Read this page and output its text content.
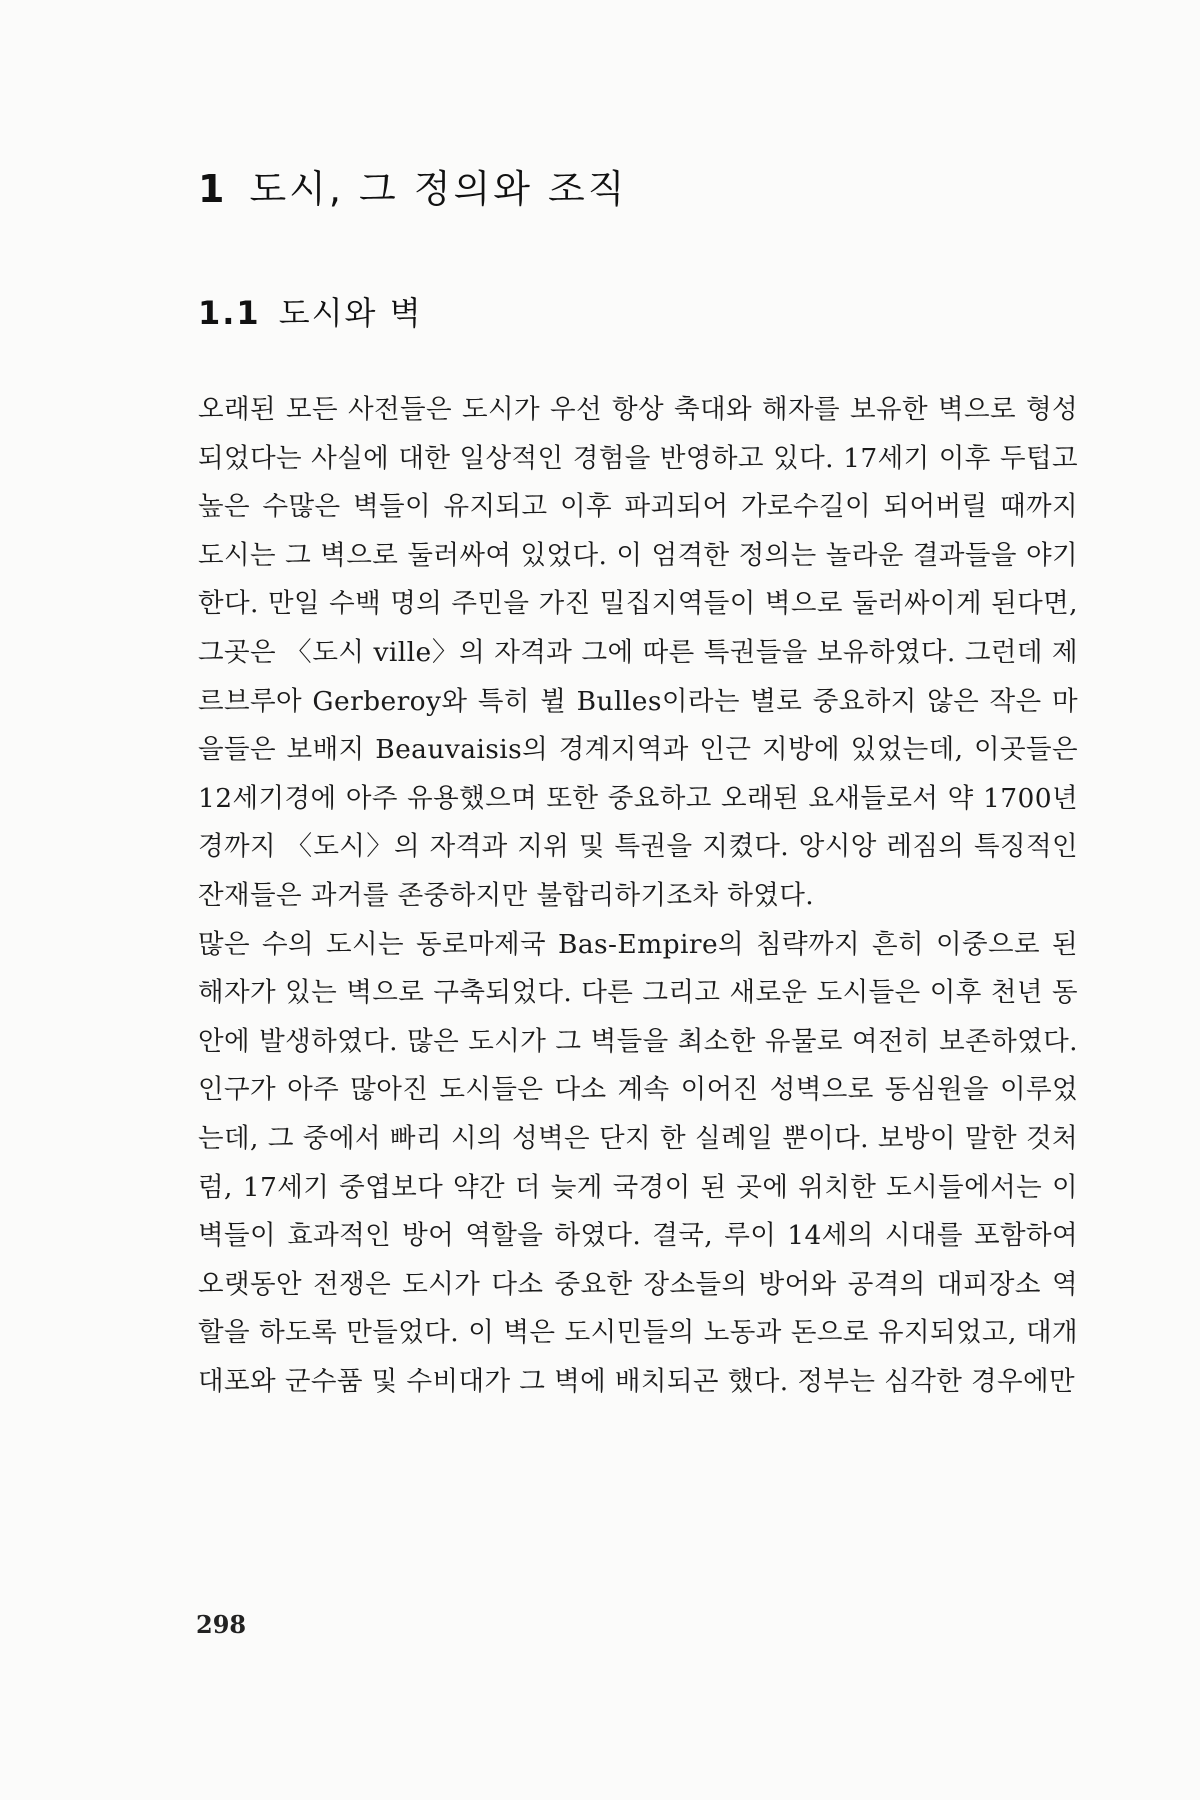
1 도시, 그 정의와 조직
1.1 도시와 벽

오래된 모든 사전들은 도시가 우선 항상 축대와 해자를 보유한 벽으로 형성되었다는 사실에 대한 일상적인 경험을 반영하고 있다. 17세기 이후 두텁고 높은 수많은 벽들이 유지되고 이후 파괴되어 가로수길이 되어버릴 때까지 도시는 그 벽으로 둘러싸여 있었다. 이 엄격한 정의는 놀라운 결과들을 야기한다. 만일 수백 명의 주민을 가진 밀집지역들이 벽으로 둘러싸이게 된다면, 그곳은 〈도시 ville〉의 자격과 그에 따른 특권들을 보유하였다. 그런데 제르브루아 Gerberoy와 특히 뷜 Bulles이라는 별로 중요하지 않은 작은 마을들은 보배지 Beauvaisis의 경계지역과 인근 지방에 있었는데, 이곳들은 12세기경에 아주 유용했으며 또한 중요하고 오래된 요새들로서 약 1700년경까지 〈도시〉의 자격과 지위 및 특권을 지켰다. 앙시앙 레짐의 특징적인 잔재들은 과거를 존중하지만 불합리하기조차 하였다.

많은 수의 도시는 동로마제국 Bas-Empire의 침략까지 흔히 이중으로 된 해자가 있는 벽으로 구축되었다. 다른 그리고 새로운 도시들은 이후 천년 동안에 발생하였다. 많은 도시가 그 벽들을 최소한 유물로 여전히 보존하였다. 인구가 아주 많아진 도시들은 다소 계속 이어진 성벽으로 동심원을 이루었는데, 그 중에서 빠리 시의 성벽은 단지 한 실례일 뿐이다. 보방이 말한 것처럼, 17세기 중엽보다 약간 더 늦게 국경이 된 곳에 위치한 도시들에서는 이 벽들이 효과적인 방어 역할을 하였다. 결국, 루이 14세의 시대를 포함하여 오랫동안 전쟁은 도시가 다소 중요한 장소들의 방어와 공격의 대피장소 역할을 하도록 만들었다. 이 벽은 도시민들의 노동과 돈으로 유지되었고, 대개 대포와 군수품 및 수비대가 그 벽에 배치되곤 했다. 정부는 심각한 경우에만

298
